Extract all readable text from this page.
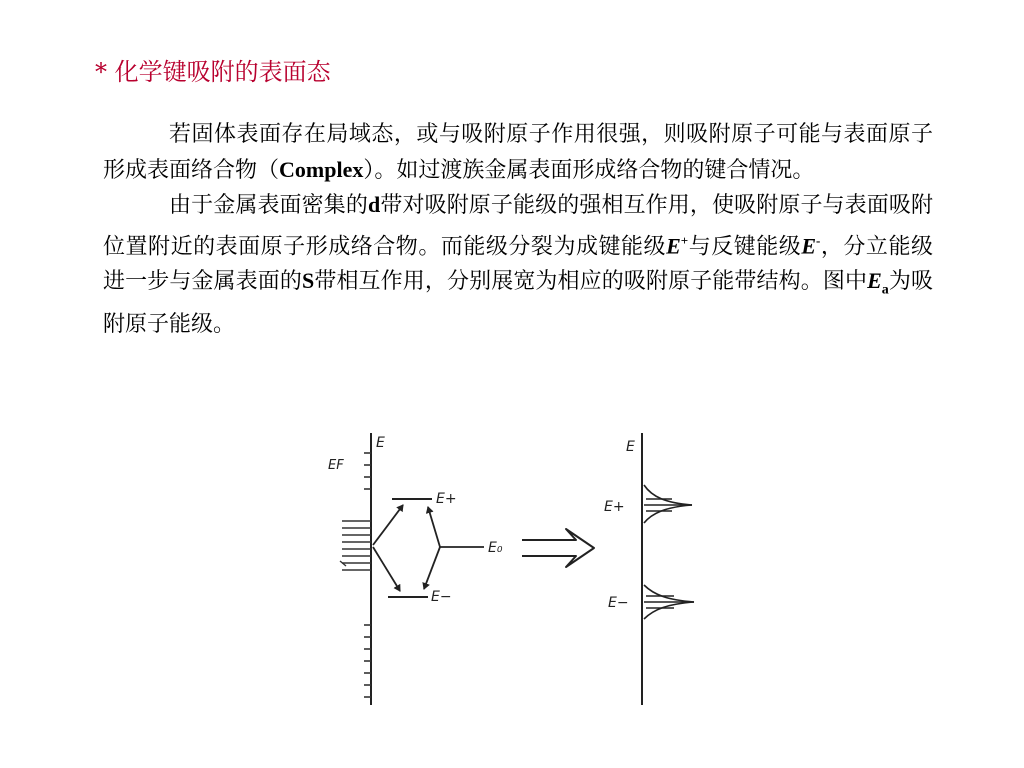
* 化学键吸附的表面态

若固体表面存在局域态，或与吸附原子作用很强，则吸附原子可能与表面原子形成表面络合物（Complex）。如过渡族金属表面形成络合物的键合情况。

由于金属表面密集的d带对吸附原子能级的强相互作用，使吸附原子与表面吸附位置附近的表面原子形成络合物。而能级分裂为成键能级E+与反键能级E-，分立能级进一步与金属表面的S带相互作用，分别展宽为相应的吸附原子能带结构。图中$E_a$为吸附原子能级。

E
EF
E+
E−
E₀
E
E+
E−
